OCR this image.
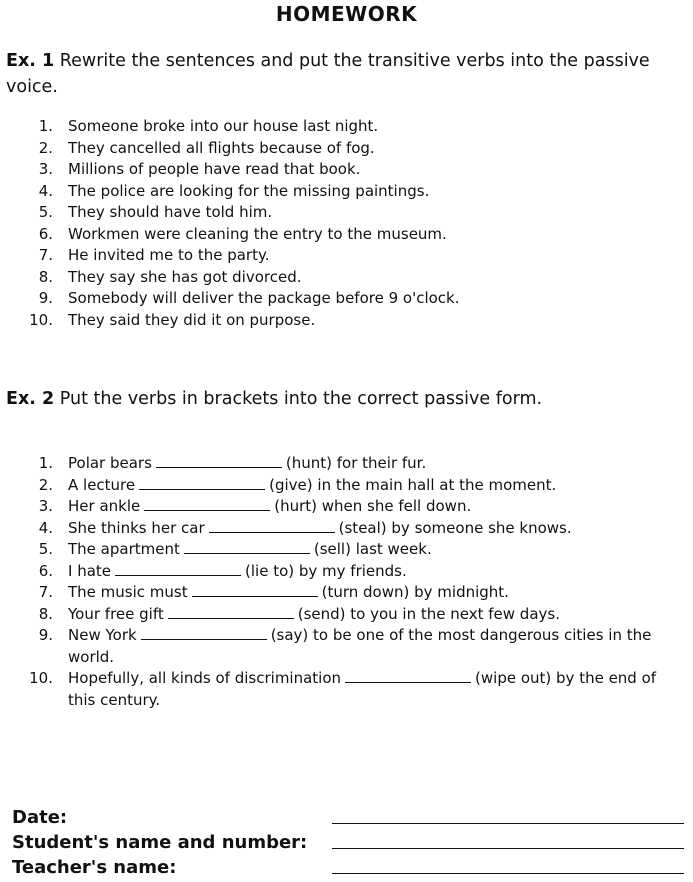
HOMEWORK
Ex. 1 Rewrite the sentences and put the transitive verbs into the passive voice.
1. Someone broke into our house last night.
2. They cancelled all flights because of fog.
3. Millions of people have read that book.
4. The police are looking for the missing paintings.
5. They should have told him.
6. Workmen were cleaning the entry to the museum.
7. He invited me to the party.
8. They say she has got divorced.
9. Somebody will deliver the package before 9 o'clock.
10. They said they did it on purpose.
Ex. 2 Put the verbs in brackets into the correct passive form.
1. Polar bears	(hunt) for their fur.
2. A lecture	(give) in the main hall at the moment.
3. Her ankle	(hurt) when she fell down.
4. She thinks her car	(steal) by someone she knows.
5. The apartment	(sell) last week.
6. I hate	(lie to) by my friends.
7. The music must	(turn down) by midnight.
8. Your free gift	(send) to you in the next few days.
9. New York	(say) to be one of the most dangerous cities in the world.
10. Hopefully, all kinds of discrimination	(wipe out) by the end of this century.
Date:
Student's name and number:
Teacher's name:
